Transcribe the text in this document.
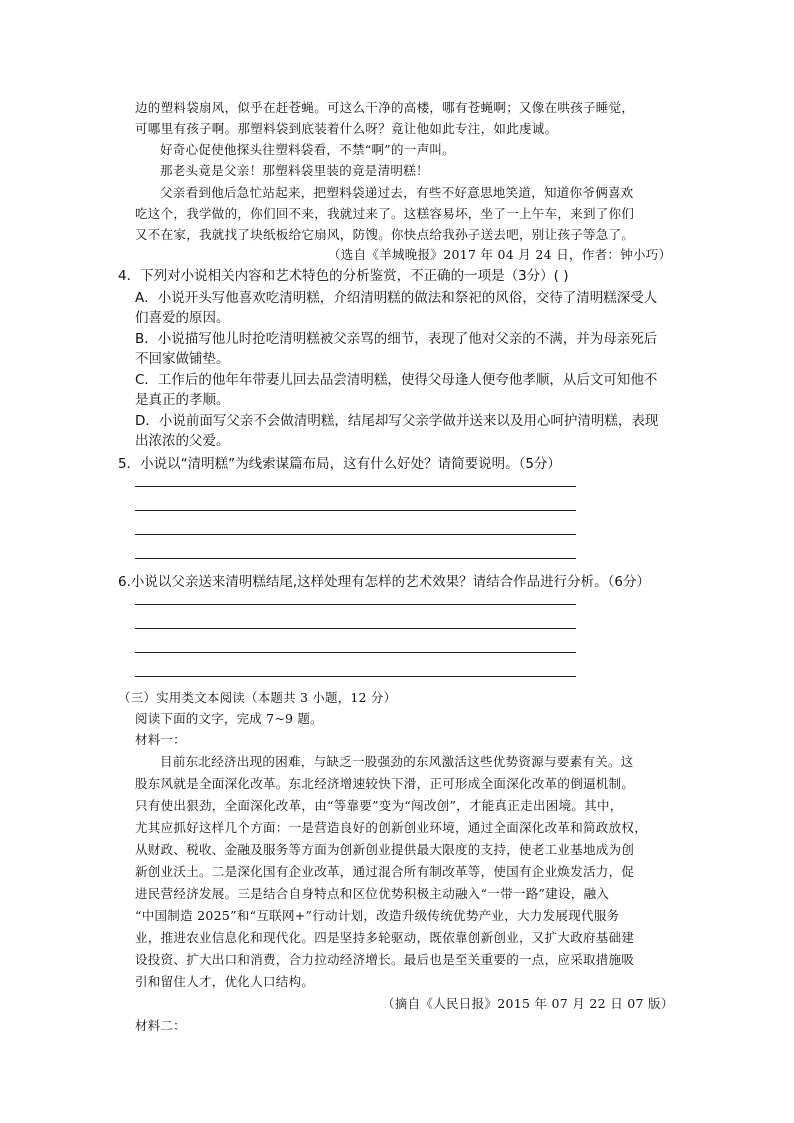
边的塑料袋扇风，似乎在赶苍蝇。可这么干净的高楼，哪有苍蝇啊；又像在哄孩子睡觉，
可哪里有孩子啊。那塑料袋到底装着什么呀？竟让他如此专注，如此虔诚。
好奇心促使他探头往塑料袋看，不禁“啊”的一声叫。
那老头竟是父亲！那塑料袋里装的竟是清明糕！
父亲看到他后急忙站起来，把塑料袋递过去，有些不好意思地笑道，知道你爷俩喜欢
吃这个，我学做的，你们回不来，我就过来了。这糕容易坏，坐了一上午车，来到了你们
又不在家，我就找了块纸板给它扇风，防馊。你快点给我孙子送去吧，别让孩子等急了。
（选自《羊城晚报》2017 年 04 月 24 日，作者：钟小巧）
4．下列对小说相关内容和艺术特色的分析鉴赏，不正确的一项是（3分）( )
A．小说开头写他喜欢吃清明糕，介绍清明糕的做法和祭祀的风俗，交待了清明糕深受人
们喜爱的原因。
B．小说描写他儿时抢吃清明糕被父亲骂的细节，表现了他对父亲的不满，并为母亲死后
不回家做铺垫。
C．工作后的他年年带妻儿回去品尝清明糕，使得父母逢人便夸他孝顺，从后文可知他不
是真正的孝顺。
D．小说前面写父亲不会做清明糕，结尾却写父亲学做并送来以及用心呵护清明糕，表现
出浓浓的父爱。
5．小说以“清明糕”为线索谋篇布局，这有什么好处？请简要说明。（5分）
6.小说以父亲送来清明糕结尾,这样处理有怎样的艺术效果？请结合作品进行分析。（6分）
（三）实用类文本阅读（本题共 3 小题，12 分）
阅读下面的文字，完成 7~9 题。
材料一：
目前东北经济出现的困难，与缺乏一股强劲的东风激活这些优势资源与要素有关。这
股东风就是全面深化改革。东北经济增速较快下滑，正可形成全面深化改革的倒逼机制。
只有使出狠劲，全面深化改革，由“等靠要”变为“闯改创”，才能真正走出困境。其中，
尤其应抓好这样几个方面：一是营造良好的创新创业环境，通过全面深化改革和简政放权，
从财政、税收、金融及服务等方面为创新创业提供最大限度的支持，使老工业基地成为创
新创业沃土。二是深化国有企业改革，通过混合所有制改革等，使国有企业焕发活力，促
进民营经济发展。三是结合自身特点和区位优势积极主动融入“一带一路”建设，融入
“中国制造 2025”和“互联网+”行动计划，改造升级传统优势产业，大力发展现代服务
业，推进农业信息化和现代化。四是坚持多轮驱动，既依靠创新创业，又扩大政府基础建
设投资、扩大出口和消费，合力拉动经济增长。最后也是至关重要的一点，应采取措施吸
引和留住人才，优化人口结构。
（摘自《人民日报》2015 年 07 月 22 日 07 版）
材料二：
